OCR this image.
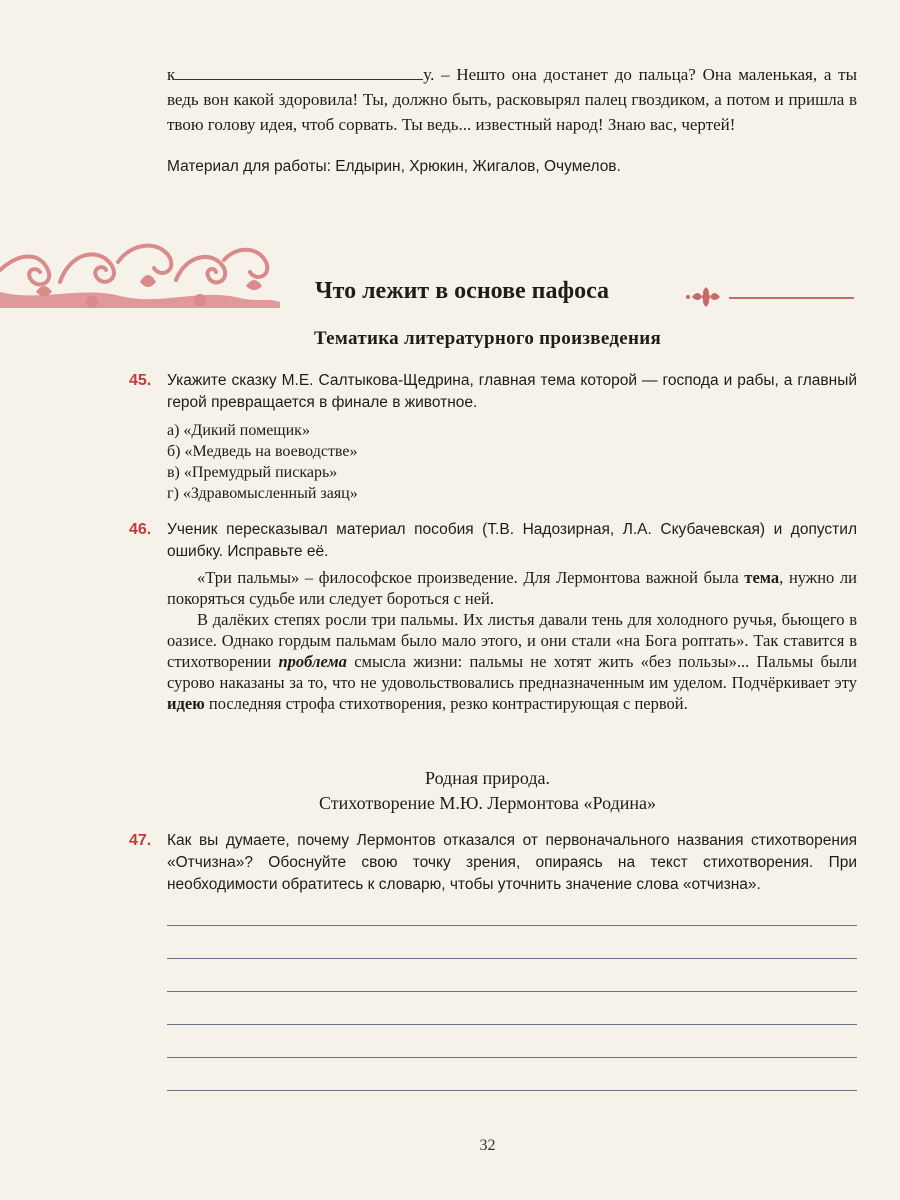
к	у. – Нешто она достанет до пальца? Она маленькая, а ты ведь вон какой здоровила! Ты, должно быть, расковырял палец гвоздиком, а потом и пришла в твою голову идея, чтоб сорвать. Ты ведь... известный народ! Знаю вас, чертей!
Материал для работы: Елдырин, Хрюкин, Жигалов, Очумелов.
Что лежит в основе пафоса
Тематика литературного произведения
45. Укажите сказку М.Е. Салтыкова-Щедрина, главная тема которой — господа и рабы, а главный герой превращается в финале в животное.
а) «Дикий помещик»
б) «Медведь на воеводстве»
в) «Премудрый пискарь»
г) «Здравомысленный заяц»
46. Ученик пересказывал материал пособия (Т.В. Надозирная, Л.А. Скубачевская) и допустил ошибку. Исправьте её.

«Три пальмы» – философское произведение. Для Лермонтова важной была тема, нужно ли покоряться судьбе или следует бороться с ней.

В далёких степях росли три пальмы. Их листья давали тень для холодного ручья, бьющего в оазисе. Однако гордым пальмам было мало этого, и они стали «на Бога роптать». Так ставится в стихотворении проблема смысла жизни: пальмы не хотят жить «без пользы»... Пальмы были сурово наказаны за то, что не удовольствовались предназначенным им уделом. Подчёркивает эту идею последняя строфа стихотворения, резко контрастирующая с первой.

Родная природа.
Стихотворение М.Ю. Лермонтова «Родина»
47. Как вы думаете, почему Лермонтов отказался от первоначального названия стихотворения «Отчизна»? Обоснуйте свою точку зрения, опираясь на текст стихотворения. При необходимости обратитесь к словарю, чтобы уточнить значение слова «отчизна».
32
